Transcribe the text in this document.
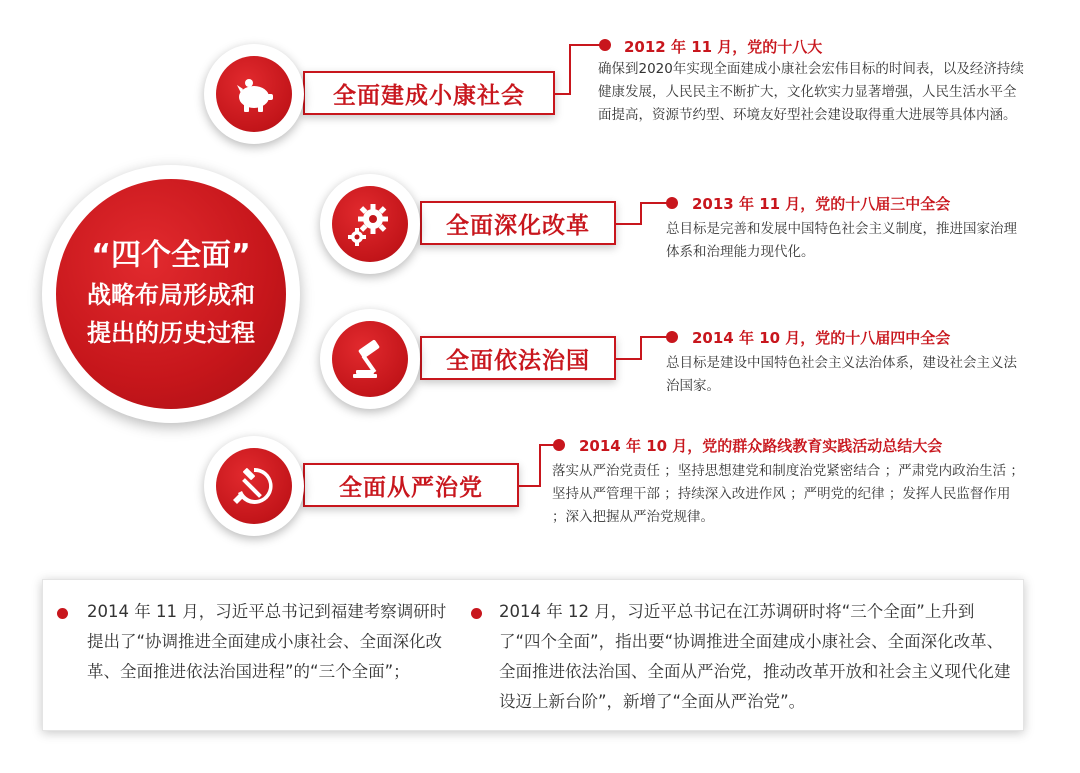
“四个全面”
战略布局形成和
提出的历史过程
全面建成小康社会
2012 年 11 月，党的十八大
确保到2020年实现全面建成小康社会宏伟目标的时间表，以及经济持续健康发展，人民民主不断扩大，文化软实力显著增强，人民生活水平全面提高，资源节约型、环境友好型社会建设取得重大进展等具体内涵。
全面深化改革
2013 年 11 月，党的十八届三中全会
总目标是完善和发展中国特色社会主义制度，推进国家治理体系和治理能力现代化。
全面依法治国
2014 年 10 月，党的十八届四中全会
总目标是建设中国特色社会主义法治体系，建设社会主义法治国家。
全面从严治党
2014 年 10 月，党的群众路线教育实践活动总结大会
落实从严治党责任 ；坚持思想建党和制度治党紧密结合 ；严肃党内政治生活 ；坚持从严管理干部 ；持续深入改进作风 ；严明党的纪律 ；发挥人民监督作用 ；深入把握从严治党规律。
2014 年 11 月，习近平总书记到福建考察调研时提出了“协调推进全面建成小康社会、全面深化改革、全面推进依法治国进程”的“三个全面”；
2014 年 12 月，习近平总书记在江苏调研时将“三个全面”上升到了“四个全面”，指出要“协调推进全面建成小康社会、全面深化改革、全面推进依法治国、全面从严治党，推动改革开放和社会主义现代化建设迈上新台阶”，新增了“全面从严治党”。
